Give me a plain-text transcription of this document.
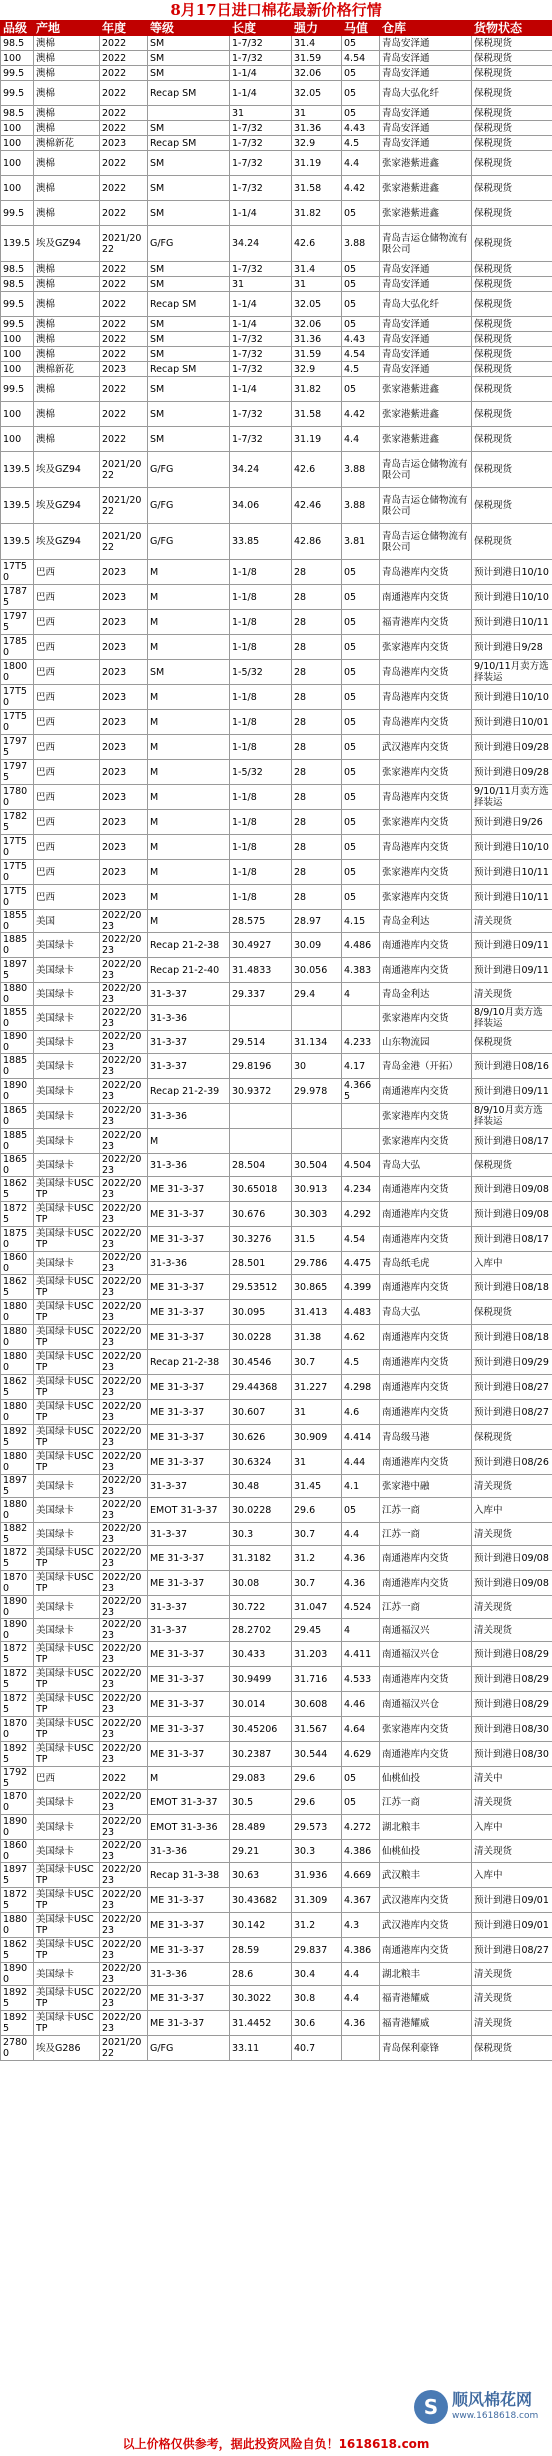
8月17日进口棉花最新价格行情
品级	产地	年度	等级	长度	强力	马值	仓库	货物状态
98.5	澳棉	2022	SM	1-7/32	31.4	05	青岛安泽通	保税现货
100	澳棉	2022	SM	1-7/32	31.59	4.54	青岛安泽通	保税现货
99.5	澳棉	2022	SM	1-1/4	32.06	05	青岛安泽通	保税现货
99.5	澳棉	2022	Recap SM	1-1/4	32.05	05	青岛大弘化纤	保税现货
98.5	澳棉	2022		31	31	05	青岛安泽通	保税现货
100	澳棉	2022	SM	1-7/32	31.36	4.43	青岛安泽通	保税现货
100	澳棉新花	2023	Recap SM	1-7/32	32.9	4.5	青岛安泽通	保税现货
100	澳棉	2022	SM	1-7/32	31.19	4.4	张家港紫进鑫	保税现货
100	澳棉	2022	SM	1-7/32	31.58	4.42	张家港紫进鑫	保税现货
99.5	澳棉	2022	SM	1-1/4	31.82	05	张家港紫进鑫	保税现货
139.5	埃及GZ94	2021/2022	G/FG	34.24	42.6	3.88	青岛吉运仓储物流有限公司	保税现货
98.5	澳棉	2022	SM	1-7/32	31.4	05	青岛安泽通	保税现货
98.5	澳棉	2022	SM	31	31	05	青岛安泽通	保税现货
99.5	澳棉	2022	Recap SM	1-1/4	32.05	05	青岛大弘化纤	保税现货
99.5	澳棉	2022	SM	1-1/4	32.06	05	青岛安泽通	保税现货
100	澳棉	2022	SM	1-7/32	31.36	4.43	青岛安泽通	保税现货
100	澳棉	2022	SM	1-7/32	31.59	4.54	青岛安泽通	保税现货
100	澳棉新花	2023	Recap SM	1-7/32	32.9	4.5	青岛安泽通	保税现货
99.5	澳棉	2022	SM	1-1/4	31.82	05	张家港紫进鑫	保税现货
100	澳棉	2022	SM	1-7/32	31.58	4.42	张家港紫进鑫	保税现货
100	澳棉	2022	SM	1-7/32	31.19	4.4	张家港紫进鑫	保税现货
139.5	埃及GZ94	2021/2022	G/FG	34.24	42.6	3.88	青岛吉运仓储物流有限公司	保税现货
139.5	埃及GZ94	2021/2022	G/FG	34.06	42.46	3.88	青岛吉运仓储物流有限公司	保税现货
139.5	埃及GZ94	2021/2022	G/FG	33.85	42.86	3.81	青岛吉运仓储物流有限公司	保税现货
17T50	巴西	2023	M	1-1/8	28	05	青岛港库内交货	预计到港日10/10
17875	巴西	2023	M	1-1/8	28	05	南通港库内交货	预计到港日10/10
17975	巴西	2023	M	1-1/8	28	05	福青港库内交货	预计到港日10/11
17850	巴西	2023	M	1-1/8	28	05	张家港库内交货	预计到港日9/28
18000	巴西	2023	SM	1-5/32	28	05	青岛港库内交货	9/10/11月卖方选择装运
17T50	巴西	2023	M	1-1/8	28	05	青岛港库内交货	预计到港日10/10
17T50	巴西	2023	M	1-1/8	28	05	青岛港库内交货	预计到港日10/01
17975	巴西	2023	M	1-1/8	28	05	武汉港库内交货	预计到港日09/28
17975	巴西	2023	M	1-5/32	28	05	张家港库内交货	预计到港日09/28
17800	巴西	2023	M	1-1/8	28	05	青岛港库内交货	9/10/11月卖方选择装运
17825	巴西	2023	M	1-1/8	28	05	张家港库内交货	预计到港日9/26
17T50	巴西	2023	M	1-1/8	28	05	青岛港库内交货	预计到港日10/10
17T50	巴西	2023	M	1-1/8	28	05	张家港库内交货	预计到港日10/11
17T50	巴西	2023	M	1-1/8	28	05	张家港库内交货	预计到港日10/11
18550	美国	2022/2023	M	28.575	28.97	4.15	青岛金利达	清关现货
18850	美国绿卡	2022/2023	Recap 21-2-38	30.4927	30.09	4.486	南通港库内交货	预计到港日09/11
18975	美国绿卡	2022/2023	Recap 21-2-40	31.4833	30.056	4.383	南通港库内交货	预计到港日09/11
18800	美国绿卡	2022/2023	31-3-37	29.337	29.4	4	青岛金利达	清关现货
18550	美国绿卡	2022/2023	31-3-36				张家港库内交货	8/9/10月卖方选择装运
18900	美国绿卡	2022/2023	31-3-37	29.514	31.134	4.233	山东物流园	保税现货
18850	美国绿卡	2022/2023	31-3-37	29.8196	30	4.17	青岛金港（开拓）	预计到港日08/16
18900	美国绿卡	2022/2023	Recap 21-2-39	30.9372	29.978	4.3665	南通港库内交货	预计到港日09/11
18650	美国绿卡	2022/2023	31-3-36				张家港库内交货	8/9/10月卖方选择装运
18850	美国绿卡	2022/2023	M				张家港库内交货	预计到港日08/17
18650	美国绿卡	2022/2023	31-3-36	28.504	30.504	4.504	青岛大弘	保税现货
18625	美国绿卡USCTP	2022/2023	ME 31-3-37	30.65018	30.913	4.234	南通港库内交货	预计到港日09/08
18725	美国绿卡USCTP	2022/2023	ME 31-3-37	30.676	30.303	4.292	南通港库内交货	预计到港日09/08
18750	美国绿卡USCTP	2022/2023	ME 31-3-37	30.3276	31.5	4.54	南通港库内交货	预计到港日08/17
18600	美国绿卡	2022/2023	31-3-36	28.501	29.786	4.475	青岛纸毛虎	入库中
18625	美国绿卡USCTP	2022/2023	ME 31-3-37	29.53512	30.865	4.399	南通港库内交货	预计到港日08/18
18800	美国绿卡USCTP	2022/2023	ME 31-3-37	30.095	31.413	4.483	青岛大弘	保税现货
18800	美国绿卡USCTP	2022/2023	ME 31-3-37	30.0228	31.38	4.62	南通港库内交货	预计到港日08/18
18800	美国绿卡USCTP	2022/2023	Recap 21-2-38	30.4546	30.7	4.5	南通港库内交货	预计到港日09/29
18625	美国绿卡USCTP	2022/2023	ME 31-3-37	29.44368	31.227	4.298	南通港库内交货	预计到港日08/27
18800	美国绿卡USCTP	2022/2023	ME 31-3-37	30.607	31	4.6	南通港库内交货	预计到港日08/27
18925	美国绿卡USCTP	2022/2023	ME 31-3-37	30.626	30.909	4.414	青岛级马港	保税现货
18800	美国绿卡USCTP	2022/2023	ME 31-3-37	30.6324	31	4.44	南通港库内交货	预计到港日08/26
18975	美国绿卡	2022/2023	31-3-37	30.48	31.45	4.1	张家港中融	清关现货
18800	美国绿卡	2022/2023	EMOT 31-3-37	30.0228	29.6	05	江苏一商	入库中
18825	美国绿卡	2022/2023	31-3-37	30.3	30.7	4.4	江苏一商	清关现货
18725	美国绿卡USCTP	2022/2023	ME 31-3-37	31.3182	31.2	4.36	南通港库内交货	预计到港日09/08
18700	美国绿卡USCTP	2022/2023	ME 31-3-37	30.08	30.7	4.36	南通港库内交货	预计到港日09/08
18900	美国绿卡	2022/2023	31-3-37	30.722	31.047	4.524	江苏一商	清关现货
18900	美国绿卡	2022/2023	31-3-37	28.2702	29.45	4	南通福汉兴	清关现货
18725	美国绿卡USCTP	2022/2023	ME 31-3-37	30.433	31.203	4.411	南通福汉兴仓	预计到港日08/29
18725	美国绿卡USCTP	2022/2023	ME 31-3-37	30.9499	31.716	4.533	南通港库内交货	预计到港日08/29
18725	美国绿卡USCTP	2022/2023	ME 31-3-37	30.014	30.608	4.46	南通福汉兴仓	预计到港日08/29
18700	美国绿卡USCTP	2022/2023	ME 31-3-37	30.45206	31.567	4.64	张家港库内交货	预计到港日08/30
18925	美国绿卡USCTP	2022/2023	ME 31-3-37	30.2387	30.544	4.629	南通港库内交货	预计到港日08/30
17925	巴西	2022	M	29.083	29.6	05	仙桃仙投	清关中
18700	美国绿卡	2022/2023	EMOT 31-3-37	30.5	29.6	05	江苏一商	清关现货
18900	美国绿卡	2022/2023	EMOT 31-3-36	28.489	29.573	4.272	湖北粮丰	入库中
18600	美国绿卡	2022/2023	31-3-36	29.21	30.3	4.386	仙桃仙投	清关现货
18975	美国绿卡USCTP	2022/2023	Recap 31-3-38	30.63	31.936	4.669	武汉粮丰	入库中
18725	美国绿卡USCTP	2022/2023	ME 31-3-37	30.43682	31.309	4.367	武汉港库内交货	预计到港日09/01
18800	美国绿卡USCTP	2022/2023	ME 31-3-37	30.142	31.2	4.3	武汉港库内交货	预计到港日09/01
18625	美国绿卡USCTP	2022/2023	ME 31-3-37	28.59	29.837	4.386	南通港库内交货	预计到港日08/27
18900	美国绿卡	2022/2023	31-3-36	28.6	30.4	4.4	湖北粮丰	清关现货
18925	美国绿卡USCTP	2022/2023	ME 31-3-37	30.3022	30.8	4.4	福青港耀威	清关现货
18925	美国绿卡USCTP	2022/2023	ME 31-3-37	31.4452	30.6	4.36	福青港耀威	清关现货
27800	埃及G286	2021/2022	G/FG	33.11	40.7		青岛保利豪锋	保税现货
S 顺风棉花网
www.1618618.com
以上价格仅供参考，据此投资风险自负！1618618.com
